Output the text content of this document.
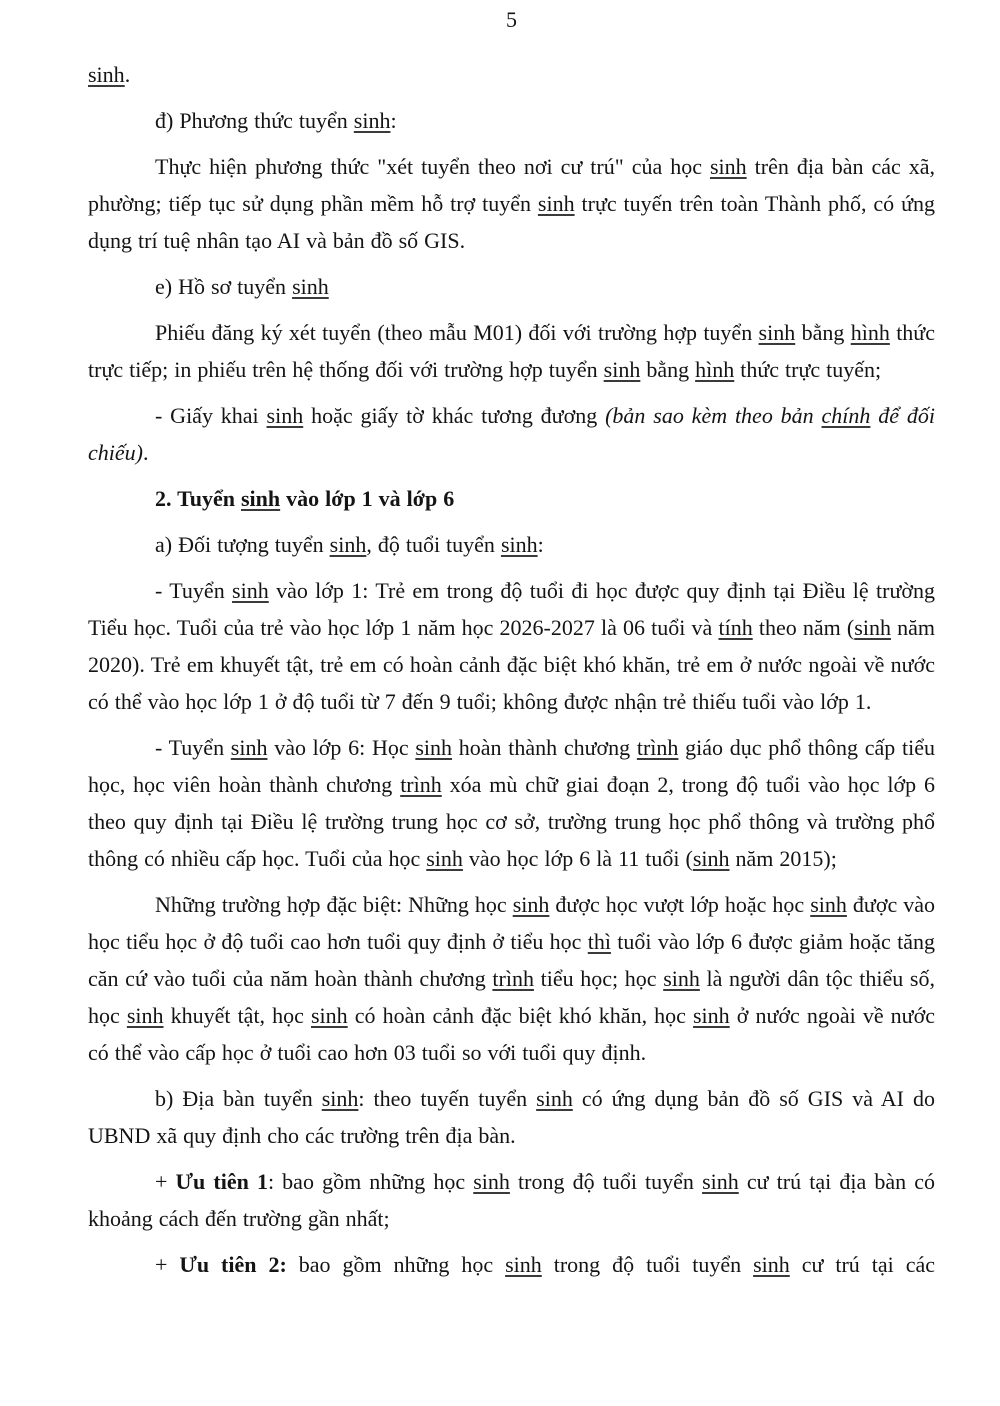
5

sinh.

đ) Phương thức tuyển sinh:

Thực hiện phương thức "xét tuyển theo nơi cư trú" của học sinh trên địa bàn các xã, phường; tiếp tục sử dụng phần mềm hỗ trợ tuyển sinh trực tuyến trên toàn Thành phố, có ứng dụng trí tuệ nhân tạo AI và bản đồ số GIS.

e) Hồ sơ tuyển sinh

Phiếu đăng ký xét tuyển (theo mẫu M01) đối với trường hợp tuyển sinh bằng hình thức trực tiếp; in phiếu trên hệ thống đối với trường hợp tuyển sinh bằng hình thức trực tuyến;

- Giấy khai sinh hoặc giấy tờ khác tương đương (bản sao kèm theo bản chính để đối chiếu).

2. Tuyển sinh vào lớp 1 và lớp 6

a) Đối tượng tuyển sinh, độ tuổi tuyển sinh:

- Tuyển sinh vào lớp 1: Trẻ em trong độ tuổi đi học được quy định tại Điều lệ trường Tiểu học. Tuổi của trẻ vào học lớp 1 năm học 2026-2027 là 06 tuổi và tính theo năm (sinh năm 2020). Trẻ em khuyết tật, trẻ em có hoàn cảnh đặc biệt khó khăn, trẻ em ở nước ngoài về nước có thể vào học lớp 1 ở độ tuổi từ 7 đến 9 tuổi; không được nhận trẻ thiếu tuổi vào lớp 1.

- Tuyển sinh vào lớp 6: Học sinh hoàn thành chương trình giáo dục phổ thông cấp tiểu học, học viên hoàn thành chương trình xóa mù chữ giai đoạn 2, trong độ tuổi vào học lớp 6 theo quy định tại Điều lệ trường trung học cơ sở, trường trung học phổ thông và trường phổ thông có nhiều cấp học. Tuổi của học sinh vào học lớp 6 là 11 tuổi (sinh năm 2015);

Những trường hợp đặc biệt: Những học sinh được học vượt lớp hoặc học sinh được vào học tiểu học ở độ tuổi cao hơn tuổi quy định ở tiểu học thì tuổi vào lớp 6 được giảm hoặc tăng căn cứ vào tuổi của năm hoàn thành chương trình tiểu học; học sinh là người dân tộc thiểu số, học sinh khuyết tật, học sinh có hoàn cảnh đặc biệt khó khăn, học sinh ở nước ngoài về nước có thể vào cấp học ở tuổi cao hơn 03 tuổi so với tuổi quy định.

b) Địa bàn tuyển sinh: theo tuyến tuyển sinh có ứng dụng bản đồ số GIS và AI do UBND xã quy định cho các trường trên địa bàn.

+ Ưu tiên 1: bao gồm những học sinh trong độ tuổi tuyển sinh cư trú tại địa bàn có khoảng cách đến trường gần nhất;

+ Ưu tiên 2: bao gồm những học sinh trong độ tuổi tuyển sinh cư trú tại các
